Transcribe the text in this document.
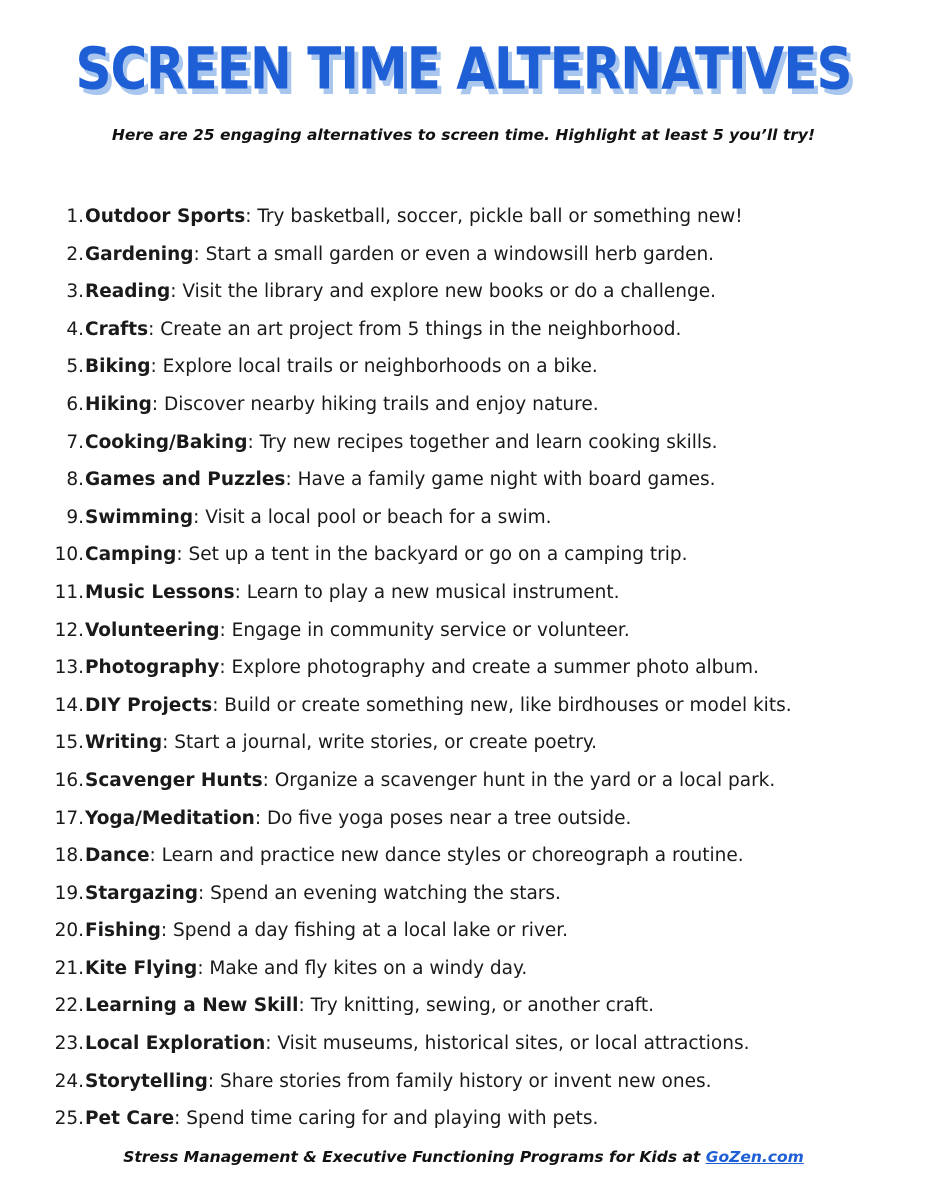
SCREEN TIME ALTERNATIVES
Here are 25 engaging alternatives to screen time. Highlight at least 5 you’ll try!
1. Outdoor Sports: Try basketball, soccer, pickle ball or something new!
2. Gardening: Start a small garden or even a windowsill herb garden.
3. Reading: Visit the library and explore new books or do a challenge.
4. Crafts: Create an art project from 5 things in the neighborhood.
5. Biking: Explore local trails or neighborhoods on a bike.
6. Hiking: Discover nearby hiking trails and enjoy nature.
7. Cooking/Baking: Try new recipes together and learn cooking skills.
8. Games and Puzzles: Have a family game night with board games.
9. Swimming: Visit a local pool or beach for a swim.
10. Camping: Set up a tent in the backyard or go on a camping trip.
11. Music Lessons: Learn to play a new musical instrument.
12. Volunteering: Engage in community service or volunteer.
13. Photography: Explore photography and create a summer photo album.
14. DIY Projects: Build or create something new, like birdhouses or model kits.
15. Writing: Start a journal, write stories, or create poetry.
16. Scavenger Hunts: Organize a scavenger hunt in the yard or a local park.
17. Yoga/Meditation: Do five yoga poses near a tree outside.
18. Dance: Learn and practice new dance styles or choreograph a routine.
19. Stargazing: Spend an evening watching the stars.
20. Fishing: Spend a day fishing at a local lake or river.
21. Kite Flying: Make and fly kites on a windy day.
22. Learning a New Skill: Try knitting, sewing, or another craft.
23. Local Exploration: Visit museums, historical sites, or local attractions.
24. Storytelling: Share stories from family history or invent new ones.
25. Pet Care: Spend time caring for and playing with pets.
Stress Management & Executive Functioning Programs for Kids at GoZen.com
